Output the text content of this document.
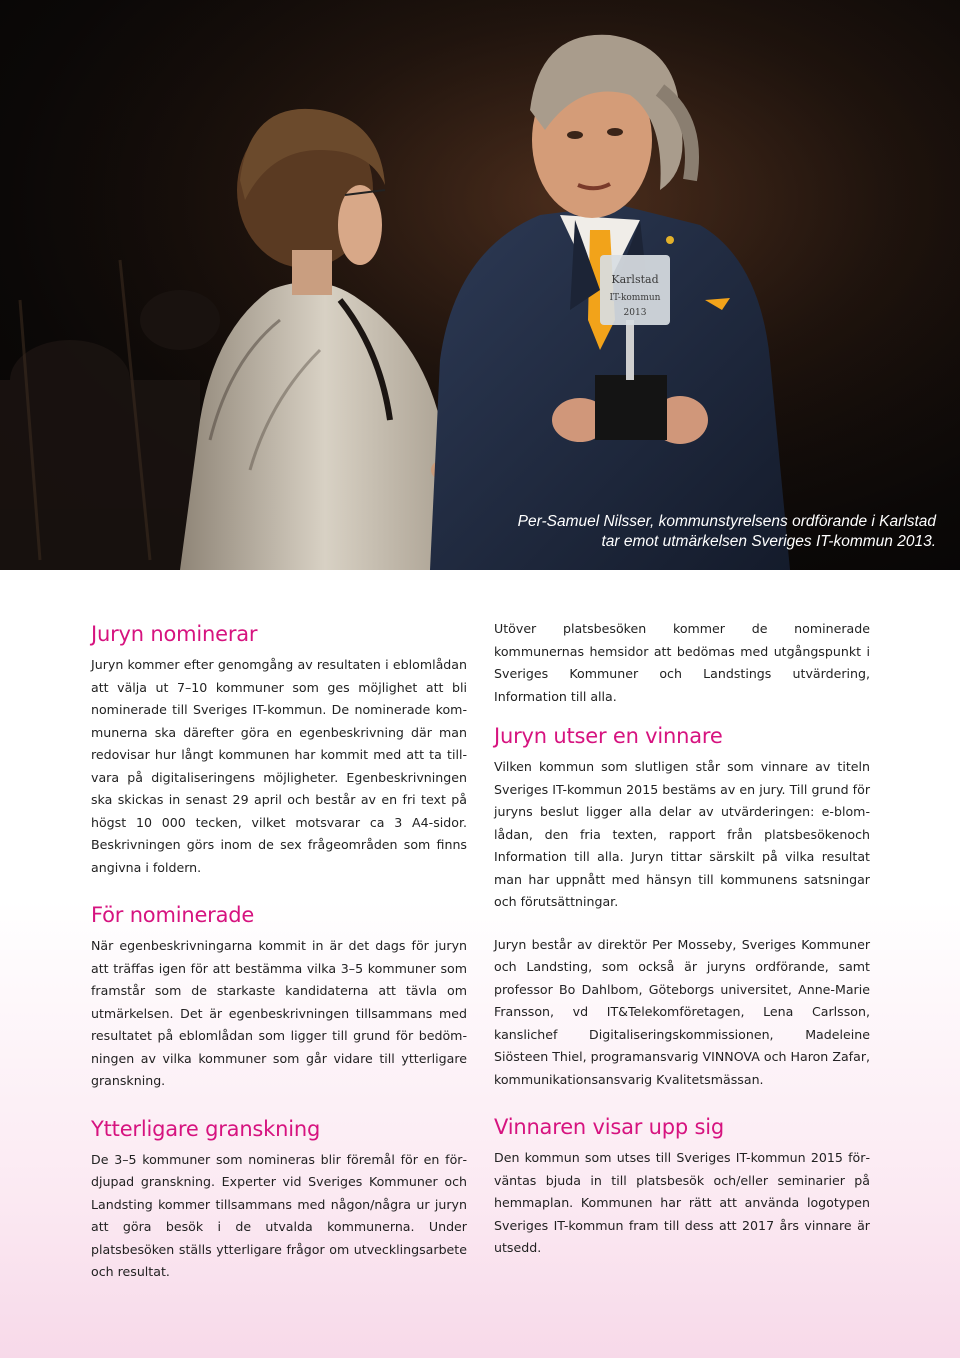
Karlstad
IT-kommun
2013
Per-Samuel Nilsser, kommunstyrelsens ordförande i Karlstad
tar emot utmärkelsen Sveriges IT-kommun 2013.
Juryn nominerar

Juryn kommer efter genomgång av resultaten i eblomlådan att välja ut 7–10 kommuner som ges möjlighet att bli nominerade till Sveriges IT-kommun. De nominerade kommunerna ska därefter göra en egenbeskrivning där man redovisar hur långt kommunen har kommit med att ta tillvara på digitaliseringens möjligheter. Egenbeskrivningen ska skickas in senast 29 april och består av en fri text på högst 10 000 tecken, vilket motsvarar ca 3 A4-sidor. Beskrivningen görs inom de sex frågeområden som finns angivna i foldern.

För nominerade

När egenbeskrivningarna kommit in är det dags för juryn att träffas igen för att bestämma vilka 3–5 kommuner som framstår som de starkaste kandidaterna att tävla om utmärkelsen. Det är egenbeskrivningen tillsammans med resultatet på eblomlådan som ligger till grund för bedömningen av vilka kommuner som går vidare till ytterligare granskning.

Ytterligare granskning

De 3–5 kommuner som nomineras blir föremål för en fördjupad granskning. Experter vid Sveriges Kommuner och Landsting kommer tillsammans med någon/några ur juryn att göra besök i de utvalda kommunerna. Under platsbesöken ställs ytterligare frågor om utvecklingsarbete och resultat.

Utöver platsbesöken kommer de nominerade kommunernas hemsidor att bedömas med utgångspunkt i Sveriges Kommuner och Landstings utvärdering, Information till alla.

Juryn utser en vinnare

Vilken kommun som slutligen står som vinnare av titeln Sveriges IT-kommun 2015 bestäms av en jury. Till grund för juryns beslut ligger alla delar av utvärderingen: e-blomlådan, den fria texten, rapport från platsbesökenoch Information till alla. Juryn tittar särskilt på vilka resultat man har uppnått med hänsyn till kommunens satsningar och förutsättningar.

Juryn består av direktör Per Mosseby, Sveriges Kommuner och Landsting, som också är juryns ordförande, samt professor Bo Dahlbom, Göteborgs universitet, Anne-Marie Fransson, vd IT&Telekomföretagen, Lena Carlsson, kanslichef Digitaliseringskommissionen, Madeleine Siösteen Thiel, programansvarig VINNOVA och Haron Zafar, kommunikationsansvarig Kvalitetsmässan.

Vinnaren visar upp sig

Den kommun som utses till Sveriges IT-kommun 2015 förväntas bjuda in till platsbesök och/eller seminarier på hemmaplan. Kommunen har rätt att använda logotypen Sveriges IT-kommun fram till dess att 2017 års vinnare är utsedd.
